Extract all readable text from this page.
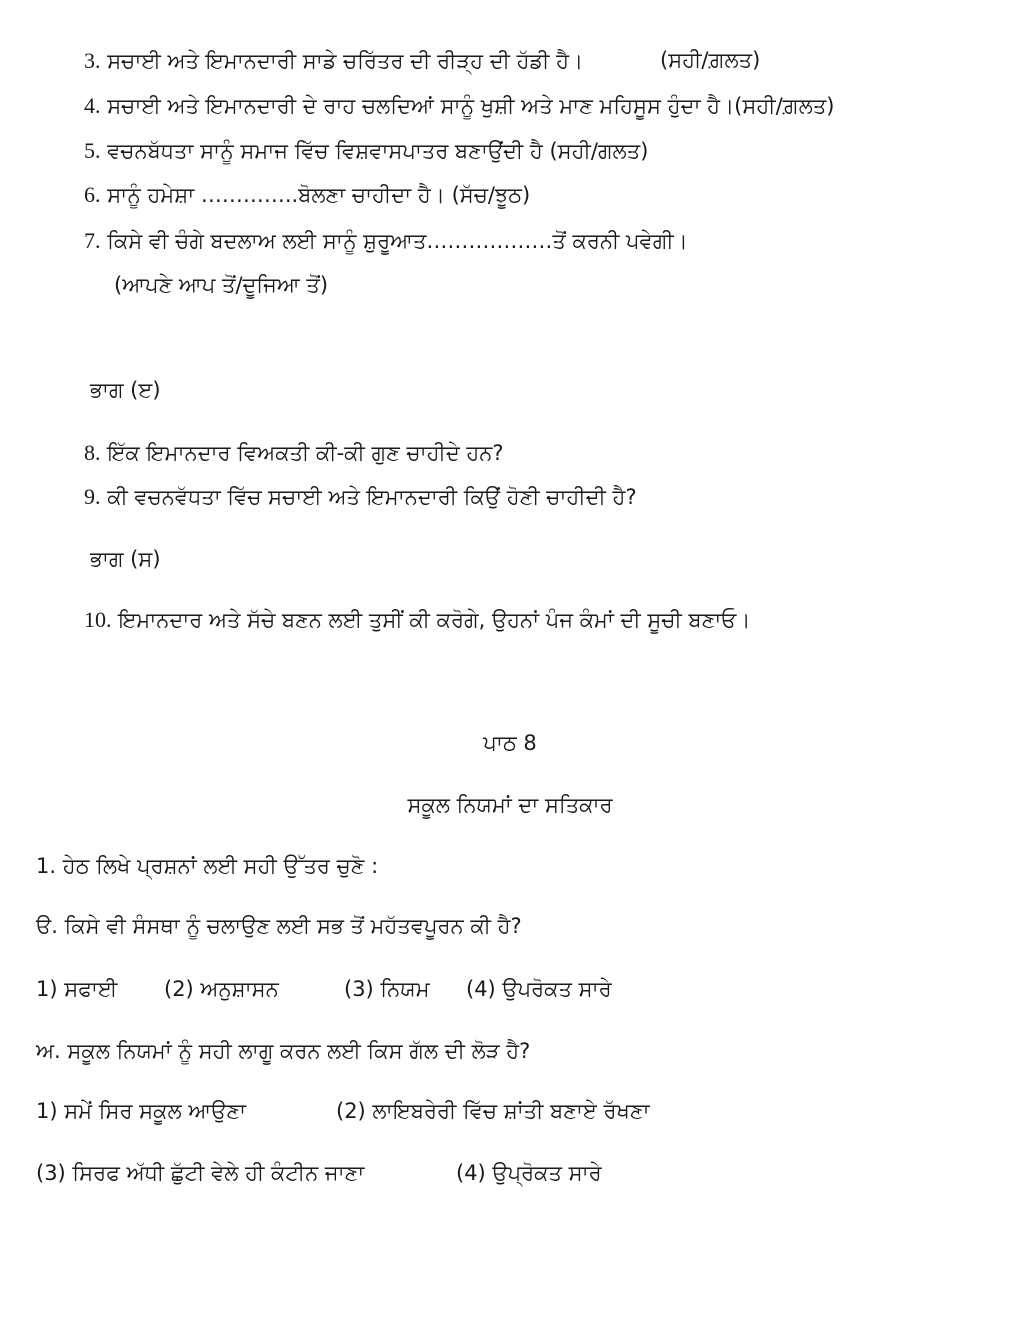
3. ਸਚਾਈ ਅਤੇ ਇਮਾਨਦਾਰੀ ਸਾਡੇ ਚਰਿੱਤਰ ਦੀ ਰੀੜ੍ਹ ਦੀ ਹੱਡੀ ਹੈ।	(ਸਹੀ/ਗ਼ਲਤ)
4. ਸਚਾਈ ਅਤੇ ਇਮਾਨਦਾਰੀ ਦੇ ਰਾਹ ਚਲਦਿਆਂ ਸਾਨੂੰ ਖੁਸ਼ੀ ਅਤੇ ਮਾਣ ਮਹਿਸੂਸ ਹੁੰਦਾ ਹੈ।(ਸਹੀ/ਗ਼ਲਤ)
5. ਵਚਨਬੱਧਤਾ ਸਾਨੂੰ ਸਮਾਜ ਵਿੱਚ ਵਿਸ਼ਵਾਸਪਾਤਰ ਬਣਾਉਂਦੀ ਹੈ (ਸਹੀ/ਗਲਤ)
6. ਸਾਨੂੰ ਹਮੇਸ਼ਾ …………..ਬੋਲਣਾ ਚਾਹੀਦਾ ਹੈ। (ਸੱਚ/ਝੂਠ)
7. ਕਿਸੇ ਵੀ ਚੰਗੇ ਬਦਲਾਅ ਲਈ ਸਾਨੂੰ ਸ਼ੁਰੂਆਤ………………ਤੋਂ ਕਰਨੀ ਪਵੇਗੀ।
(ਆਪਣੇ ਆਪ ਤੋਂ/ਦੂਜਿਆ ਤੋਂ)
ਭਾਗ (ੲ)
8. ਇੱਕ ਇਮਾਨਦਾਰ ਵਿਅਕਤੀ ਕੀ-ਕੀ ਗੁਣ ਚਾਹੀਦੇ ਹਨ?
9. ਕੀ ਵਚਨਵੱਧਤਾ ਵਿੱਚ ਸਚਾਈ ਅਤੇ ਇਮਾਨਦਾਰੀ ਕਿਉਂ ਹੋਣੀ ਚਾਹੀਦੀ ਹੈ?
ਭਾਗ (ਸ)
10. ਇਮਾਨਦਾਰ ਅਤੇ ਸੱਚੇ ਬਣਨ ਲਈ ਤੁਸੀਂ ਕੀ ਕਰੋਗੇ, ਉਹਨਾਂ ਪੰਜ ਕੰਮਾਂ ਦੀ ਸੂਚੀ ਬਣਾਓ।
ਪਾਠ 8
ਸਕੂਲ ਨਿਯਮਾਂ ਦਾ ਸਤਿਕਾਰ
1. ਹੇਠ ਲਿਖੇ ਪ੍ਰਸ਼ਨਾਂ ਲਈ ਸਹੀ ਉੱਤਰ ਚੁਣੋ :
ੳ. ਕਿਸੇ ਵੀ ਸੰਸਥਾ ਨੂੰ ਚਲਾਉਣ ਲਈ ਸਭ ਤੋਂ ਮਹੱਤਵਪੂਰਨ ਕੀ ਹੈ?
1) ਸਫਾਈ (2) ਅਨੁਸ਼ਾਸਨ	(3) ਨਿਯਮ (4) ਉਪਰੋਕਤ ਸਾਰੇ
ਅ. ਸਕੂਲ ਨਿਯਮਾਂ ਨੂੰ ਸਹੀ ਲਾਗੂ ਕਰਨ ਲਈ ਕਿਸ ਗੱਲ ਦੀ ਲੋੜ ਹੈ?
1) ਸਮੇਂ ਸਿਰ ਸਕੂਲ ਆਉਣਾ	(2) ਲਾਇਬਰੇਰੀ ਵਿੱਚ ਸ਼ਾਂਤੀ ਬਣਾਏ ਰੱਖਣਾ
(3) ਸਿਰਫ ਅੱਧੀ ਛੁੱਟੀ ਵੇਲੇ ਹੀ ਕੰਟੀਨ ਜਾਣਾ	(4) ਉਪ੍ਰੋਕਤ ਸਾਰੇ
